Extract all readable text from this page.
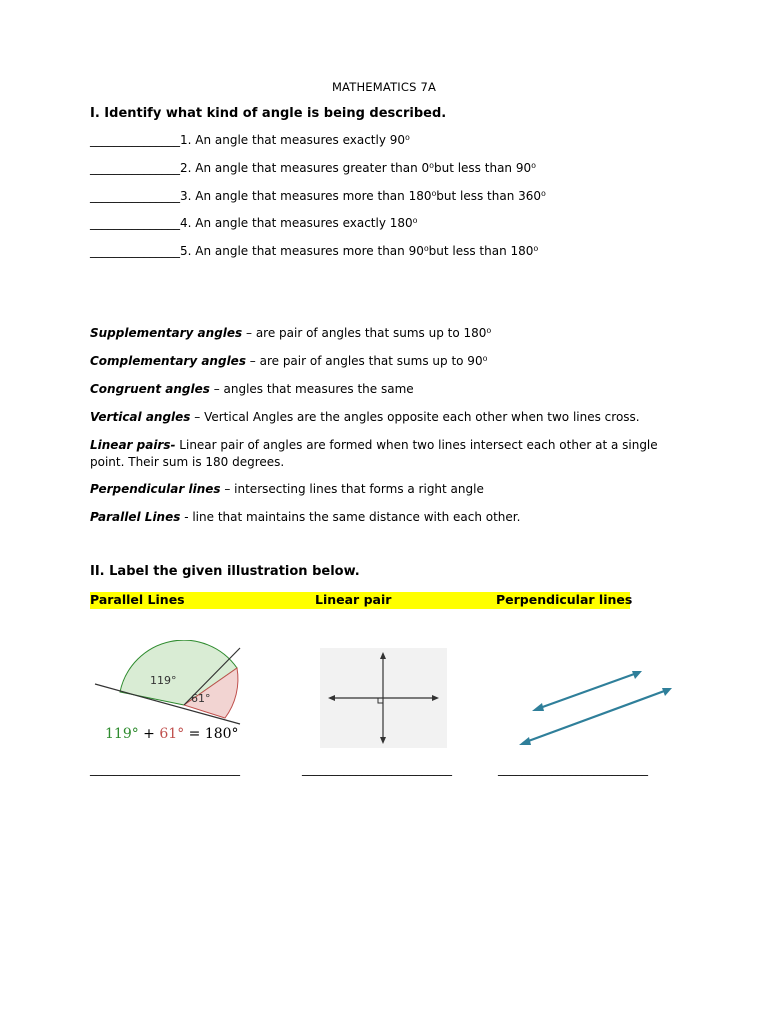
MATHEMATICS 7A
I. Identify what kind of angle is being described.
_______________1. An angle that measures exactly 90⁰
_______________2. An angle that measures greater than 0⁰but less than 90⁰
_______________3. An angle that measures more than 180⁰but less than 360⁰
_______________4. An angle that measures exactly 180⁰
_______________5. An angle that measures more than 90⁰but less than 180⁰
Supplementary angles – are pair of angles that sums up to 180⁰
Complementary angles – are pair of angles that sums up to 90⁰
Congruent angles – angles that measures the same
Vertical angles – Vertical Angles are the angles opposite each other when two lines cross.
Linear pairs- Linear pair of angles are formed when two lines intersect each other at a single point. Their sum is 180 degrees.
Perpendicular lines – intersecting lines that forms a right angle
Parallel Lines - line that maintains the same distance with each other.
II. Label the given illustration below.
Parallel Lines	Linear pair	Perpendicular lines
119°
61°
119° + 61° = 180°
_________________________	_________________________	_________________________
